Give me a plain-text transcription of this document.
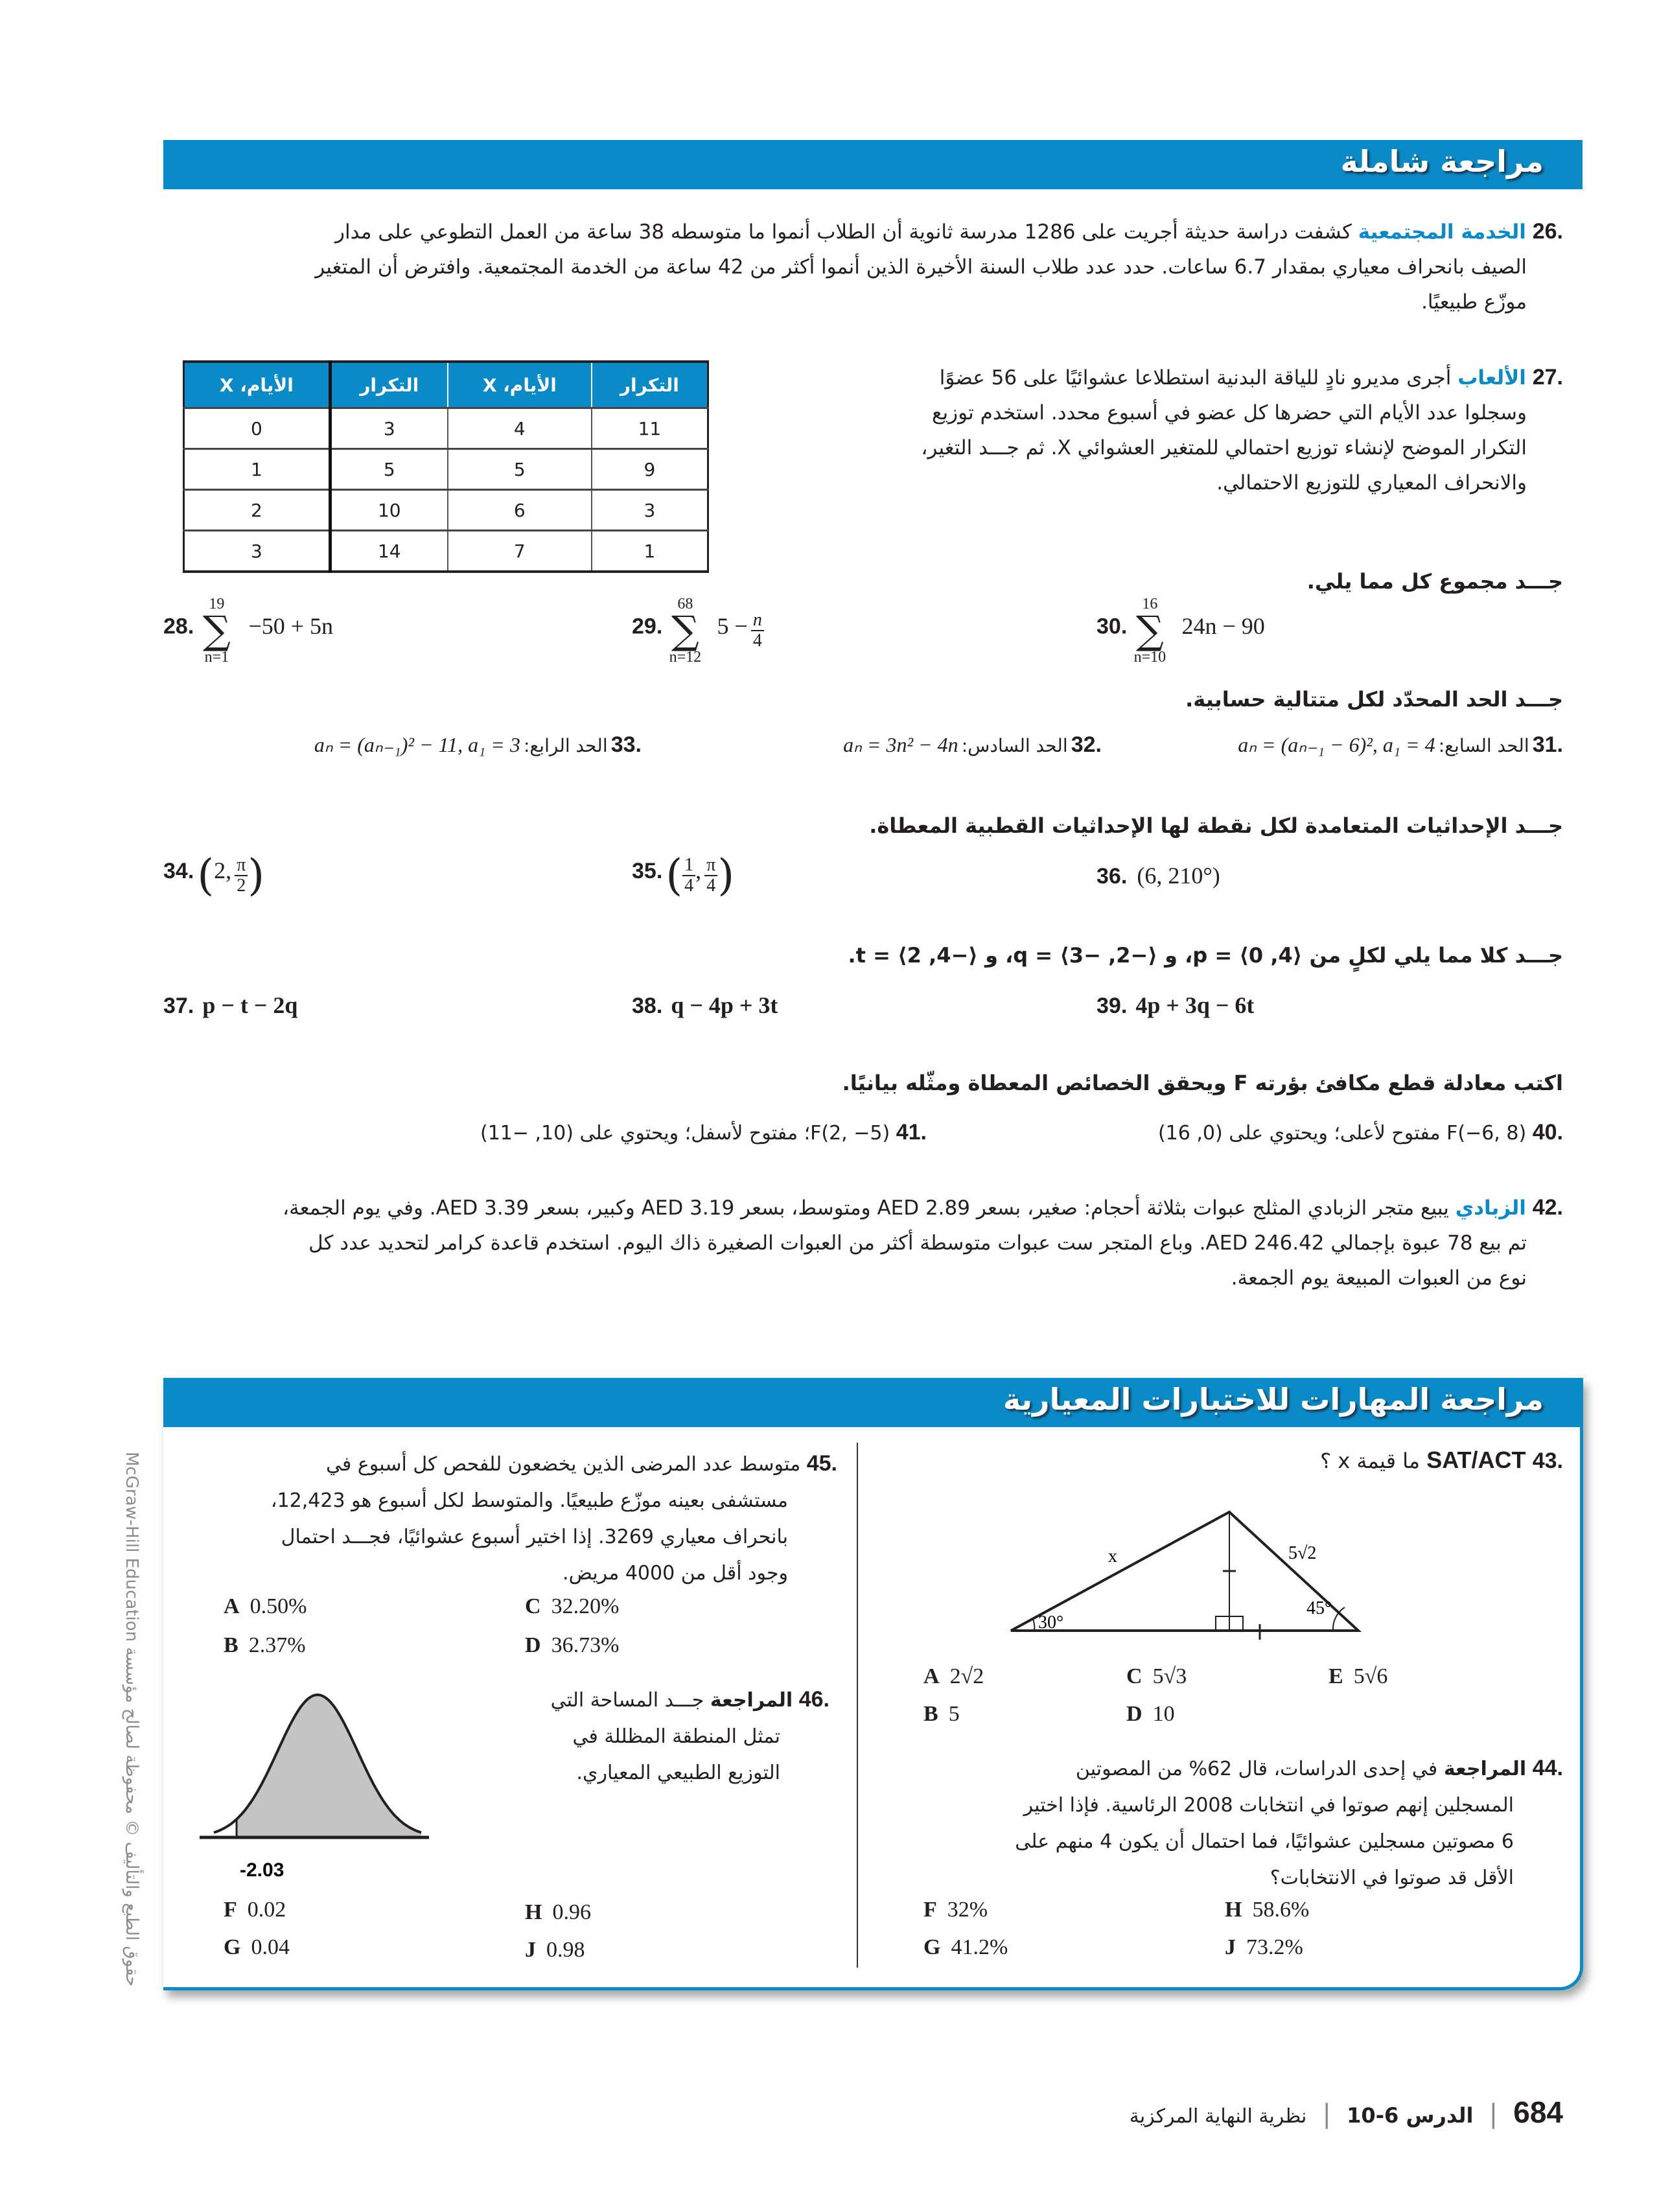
مراجعة شاملة
.26 الخدمة المجتمعية كشفت دراسة حديثة أجريت على 1286 مدرسة ثانوية أن الطلاب أنموا ما متوسطه 38 ساعة من العمل التطوعي على مدار
الصيف بانحراف معياري بمقدار 6.7 ساعات. حدد عدد طلاب السنة الأخيرة الذين أنموا أكثر من 42 ساعة من الخدمة المجتمعية. وافترض أن المتغير
موزّع طبيعيًا.
.27 الألعاب أجرى مديرو نادٍ للياقة البدنية استطلاعا عشوائيًا على 56 عضوًا
وسجلوا عدد الأيام التي حضرها كل عضو في أسبوع محدد. استخدم توزيع
التكرار الموضح لإنشاء توزيع احتمالي للمتغير العشوائي X. ثم جـــد التغير،
والانحراف المعياري للتوزيع الاحتمالي.
الأيام، X	التكرار	الأيام، X	التكرار
0	3	4	11
1	5	5	9
2	10	6	3
3	14	7	1
جـــد مجموع كل مما يلي.
28.
19
∑
n=1
−50 + 5n	29.
68
∑
n=12
$5 - \frac{n}{4}$	30.
16
∑
n=10
24n − 90
جـــد الحد المحدّد لكل متتالية حسابية.
.31 الحد السابع: aₙ = (aₙ₋₁ − 6)², a₁ = 4
.32 الحد السادس: aₙ = 3n² − 4n
.33 الحد الرابع: aₙ = (aₙ₋₁)² − 11, a₁ = 3
جـــد الإحداثيات المتعامدة لكل نقطة لها الإحداثيات القطبية المعطاة.
34. (2, $\frac{\pi}{2}$ )	35. ( $\frac{1}{4}$ , $\frac{\pi}{4}$ )	36. (6, 210°)
جـــد كلا مما يلي لكلٍ من ⟨4, 0⟩ = p، و ⟨−2, −3⟩ = q، و ⟨−4, 2⟩ = t.
37. p − t − 2q	38. q − 4p + 3t	39. 4p + 3q − 6t
اكتب معادلة قطع مكافئ بؤرته F ويحقق الخصائص المعطاة ومثّله بيانيًا.
.40 F(−6, 8) مفتوح لأعلى؛ ويحتوي على (0, 16)
.41 F(2, −5)؛ مفتوح لأسفل؛ ويحتوي على (10, −11)
.42 الزبادي يبيع متجر الزبادي المثلج عبوات بثلاثة أحجام: صغير، بسعر AED 2.89 ومتوسط، بسعر AED 3.19 وكبير، بسعر AED 3.39. وفي يوم الجمعة،
تم بيع 78 عبوة بإجمالي AED 246.42. وباع المتجر ست عبوات متوسطة أكثر من العبوات الصغيرة ذاك اليوم. استخدم قاعدة كرامر لتحديد عدد كل
نوع من العبوات المبيعة يوم الجمعة.
مراجعة المهارات للاختبارات المعيارية
.43 SAT/ACT ما قيمة x ؟
x	5√2
30°
45°
A 2√2
B 5
C 5√3
D 10
E 5√6
.44 المراجعة في إحدى الدراسات، قال 62% من المصوتين
المسجلين إنهم صوتوا في انتخابات 2008 الرئاسية. فإذا اختير
6 مصوتين مسجلين عشوائيًا، فما احتمال أن يكون 4 منهم على
الأقل قد صوتوا في الانتخابات؟
F 32%
G 41.2%
H 58.6%
J 73.2%
.45 متوسط عدد المرضى الذين يخضعون للفحص كل أسبوع في
مستشفى بعينه موزّع طبيعيًا. والمتوسط لكل أسبوع هو 12,423،
بانحراف معياري 3269. إذا اختير أسبوع عشوائيًا، فجـــد احتمال
وجود أقل من 4000 مريض.
A 0.50%
B 2.37%
C 32.20%
D 36.73%
.46 المراجعة جـــد المساحة التي
تمثل المنطقة المظللة في
التوزيع الطبيعي المعياري.
-2.03
F 0.02
G 0.04
H 0.96
J 0.98
حقوق الطبع والتأليف © محفوظة لصالح مؤسسة McGraw-Hill Education
684 | الدرس 6-10 | نظرية النهاية المركزية
